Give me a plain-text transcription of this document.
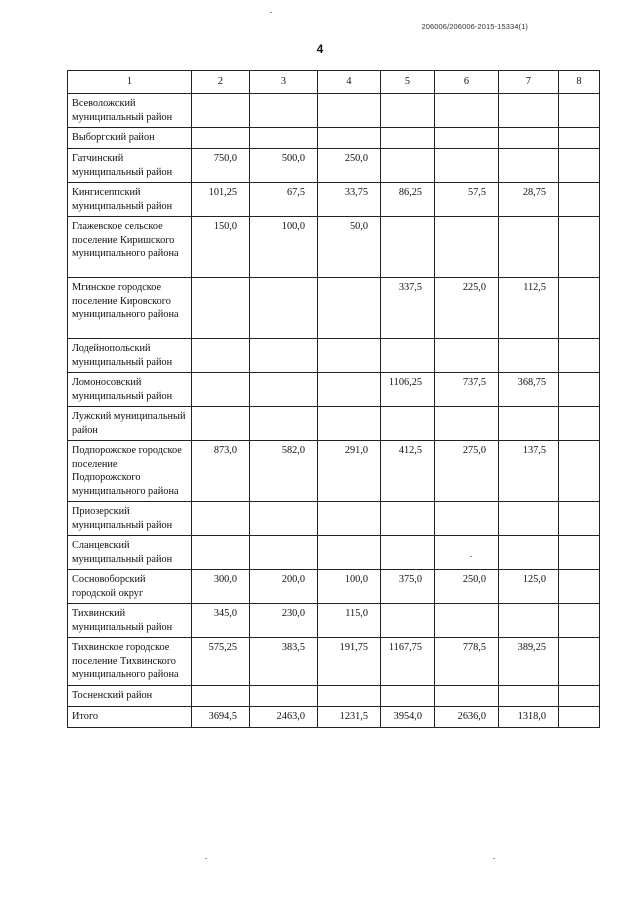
206006/206006-2015-15334(1)
4
1	2	3	4	5	6	7	8
Всеволожский муниципальный район							
Выборгский район							
Гатчинский муниципальный район	750,0	500,0	250,0				
Кингисеппский муниципальный район	101,25	67,5	33,75	86,25	57,5	28,75	
Глажевское сельское поселение Киришского муниципального района	150,0	100,0	50,0				
Мгинское городское поселение Кировского муниципального района				337,5	225,0	112,5	
Лодейнопольский муниципальный район							
Ломоносовский муниципальный район				1106,25	737,5	368,75	
Лужский муниципальный район							
Подпорожское городское поселение Подпорожского муниципального района	873,0	582,0	291,0	412,5	275,0	137,5	
Приозерский муниципальный район							
Сланцевский муниципальный район							
Сосновоборский городской округ	300,0	200,0	100,0	375,0	250,0	125,0	
Тихвинский муниципальный район	345,0	230,0	115,0				
Тихвинское городское поселение Тихвинского муниципального района	575,25	383,5	191,75	1167,75	778,5	389,25	
Тосненский район							
Итого	3694,5	2463,0	1231,5	3954,0	2636,0	1318,0	
